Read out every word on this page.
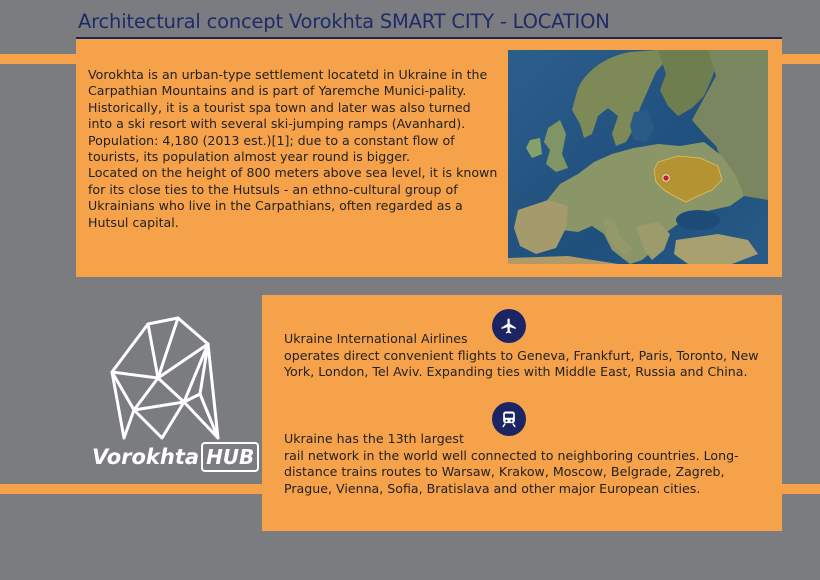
Architectural concept Vorokhta SMART CITY - LOCATION

Vorokhta is an urban-type settlement locatetd in Ukraine in the Carpathian Mountains and is part of Yaremche Munici-pality.

Historically, it is a tourist spa town and later was also turned into a ski resort with several ski-jumping ramps (Avanhard).

Population: 4,180 (2013 est.)[1]; due to a constant flow of tourists, its population almost year round is bigger.

Located on the height of 800 meters above sea level, it is known for its close ties to the Hutsuls - an ethno-cultural group of Ukrainians who live in the Carpathians, often regarded as a Hutsul capital.

Ukraine International Airlines

operates direct convenient flights to Geneva, Frankfurt, Paris, Toronto, New York, London, Tel Aviv. Expanding ties with Middle East, Russia and China.

Ukraine has the 13th largest

rail network in the world well connected to neighboring countries. Long-distance trains routes to Warsaw, Krakow, Moscow, Belgrade, Zagreb, Prague, Vienna, Sofia, Bratislava and other major European cities.

Vorokhta HUB
